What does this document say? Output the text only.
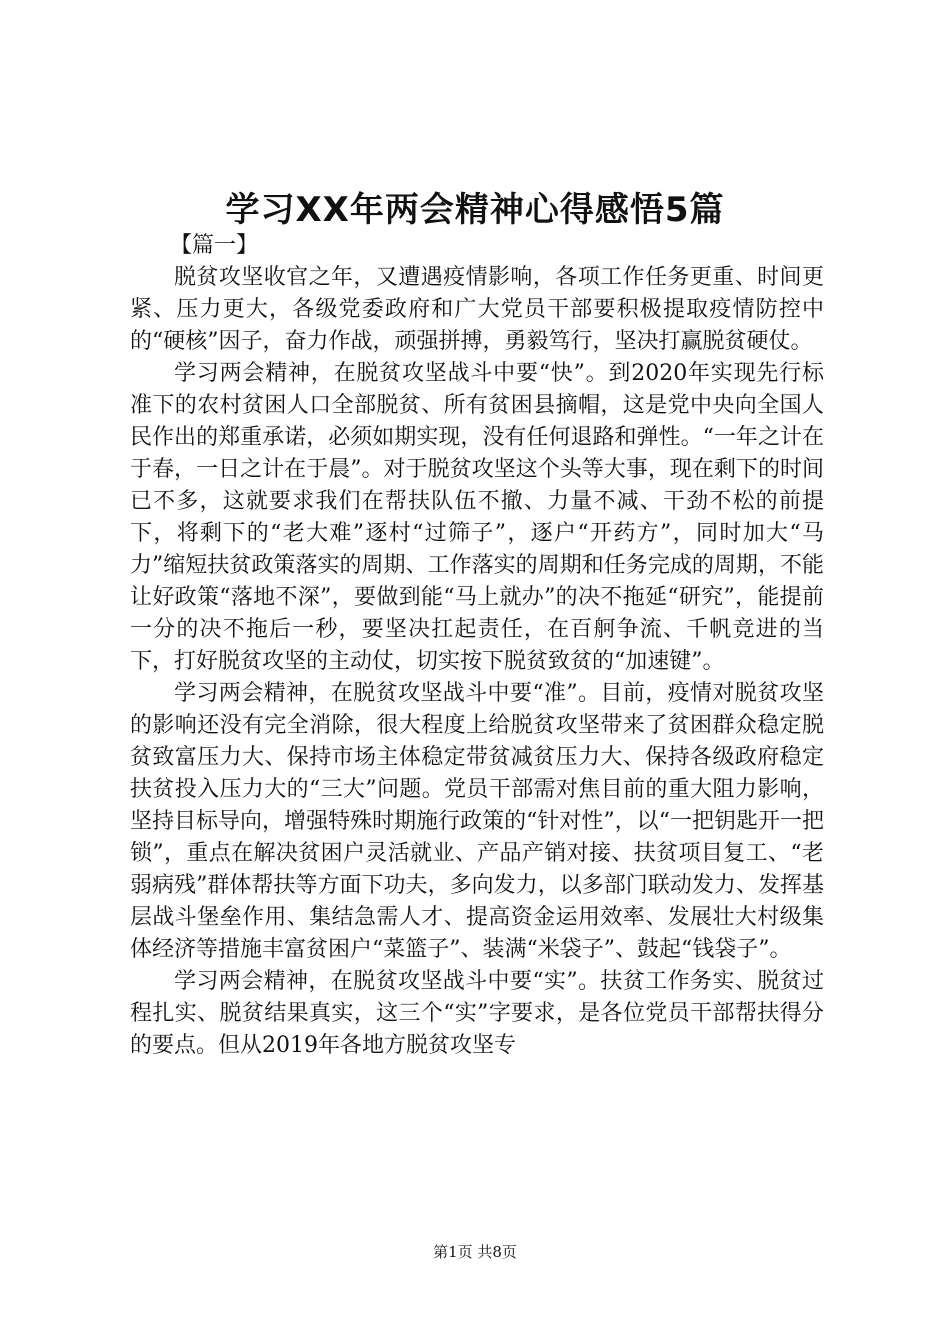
学习XX年两会精神心得感悟5篇

【篇一】

脱贫攻坚收官之年，又遭遇疫情影响，各项工作任务更重、时间更紧、压力更大，各级党委政府和广大党员干部要积极提取疫情防控中的“硬核”因子，奋力作战，顽强拼搏，勇毅笃行，坚决打赢脱贫硬仗。

学习两会精神，在脱贫攻坚战斗中要“快”。到2020年实现先行标准下的农村贫困人口全部脱贫、所有贫困县摘帽，这是党中央向全国人民作出的郑重承诺，必须如期实现，没有任何退路和弹性。“一年之计在于春，一日之计在于晨”。对于脱贫攻坚这个头等大事，现在剩下的时间已不多，这就要求我们在帮扶队伍不撤、力量不减、干劲不松的前提下，将剩下的“老大难”逐村“过筛子”，逐户“开药方”，同时加大“马力”缩短扶贫政策落实的周期、工作落实的周期和任务完成的周期，不能让好政策“落地不深”，要做到能“马上就办”的决不拖延“研究”，能提前一分的决不拖后一秒，要坚决扛起责任，在百舸争流、千帆竞进的当下，打好脱贫攻坚的主动仗，切实按下脱贫致贫的“加速键”。

学习两会精神，在脱贫攻坚战斗中要“准”。目前，疫情对脱贫攻坚的影响还没有完全消除，很大程度上给脱贫攻坚带来了贫困群众稳定脱贫致富压力大、保持市场主体稳定带贫减贫压力大、保持各级政府稳定扶贫投入压力大的“三大”问题。党员干部需对焦目前的重大阻力影响，坚持目标导向，增强特殊时期施行政策的“针对性”，以“一把钥匙开一把锁”，重点在解决贫困户灵活就业、产品产销对接、扶贫项目复工、“老弱病残”群体帮扶等方面下功夫，多向发力，以多部门联动发力、发挥基层战斗堡垒作用、集结急需人才、提高资金运用效率、发展壮大村级集体经济等措施丰富贫困户“菜篮子”、装满“米袋子”、鼓起“钱袋子”。

学习两会精神，在脱贫攻坚战斗中要“实”。扶贫工作务实、脱贫过程扎实、脱贫结果真实，这三个“实”字要求，是各位党员干部帮扶得分的要点。但从2019年各地方脱贫攻坚专

第1页 共8页
